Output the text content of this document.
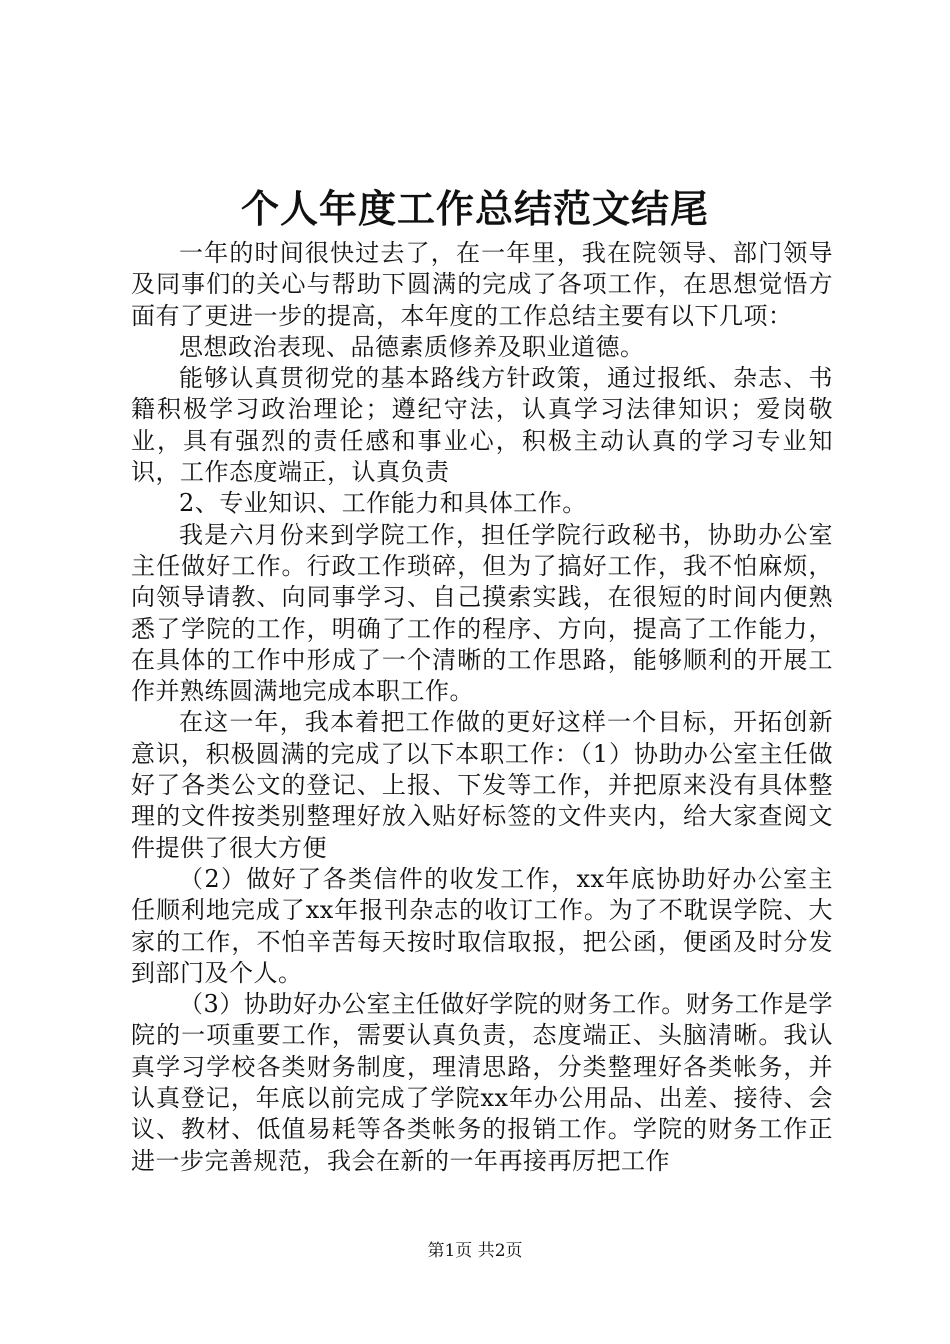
个人年度工作总结范文结尾

一年的时间很快过去了，在一年里，我在院领导、部门领导及同事们的关心与帮助下圆满的完成了各项工作，在思想觉悟方面有了更进一步的提高，本年度的工作总结主要有以下几项：

思想政治表现、品德素质修养及职业道德。

能够认真贯彻党的基本路线方针政策，通过报纸、杂志、书籍积极学习政治理论；遵纪守法，认真学习法律知识；爱岗敬业，具有强烈的责任感和事业心，积极主动认真的学习专业知识，工作态度端正，认真负责

2、专业知识、工作能力和具体工作。

我是六月份来到学院工作，担任学院行政秘书，协助办公室主任做好工作。行政工作琐碎，但为了搞好工作，我不怕麻烦，向领导请教、向同事学习、自己摸索实践，在很短的时间内便熟悉了学院的工作，明确了工作的程序、方向，提高了工作能力，在具体的工作中形成了一个清晰的工作思路，能够顺利的开展工作并熟练圆满地完成本职工作。

在这一年，我本着把工作做的更好这样一个目标，开拓创新意识，积极圆满的完成了以下本职工作：（1）协助办公室主任做好了各类公文的登记、上报、下发等工作，并把原来没有具体整理的文件按类别整理好放入贴好标签的文件夹内，给大家查阅文件提供了很大方便

（2）做好了各类信件的收发工作，xx年底协助好办公室主任顺利地完成了xx年报刊杂志的收订工作。为了不耽误学院、大家的工作，不怕辛苦每天按时取信取报，把公函，便函及时分发到部门及个人。

（3）协助好办公室主任做好学院的财务工作。财务工作是学院的一项重要工作，需要认真负责，态度端正、头脑清晰。我认真学习学校各类财务制度，理清思路，分类整理好各类帐务，并认真登记，年底以前完成了学院xx年办公用品、出差、接待、会议、教材、低值易耗等各类帐务的报销工作。学院的财务工作正进一步完善规范，我会在新的一年再接再厉把工作

第1页 共2页
